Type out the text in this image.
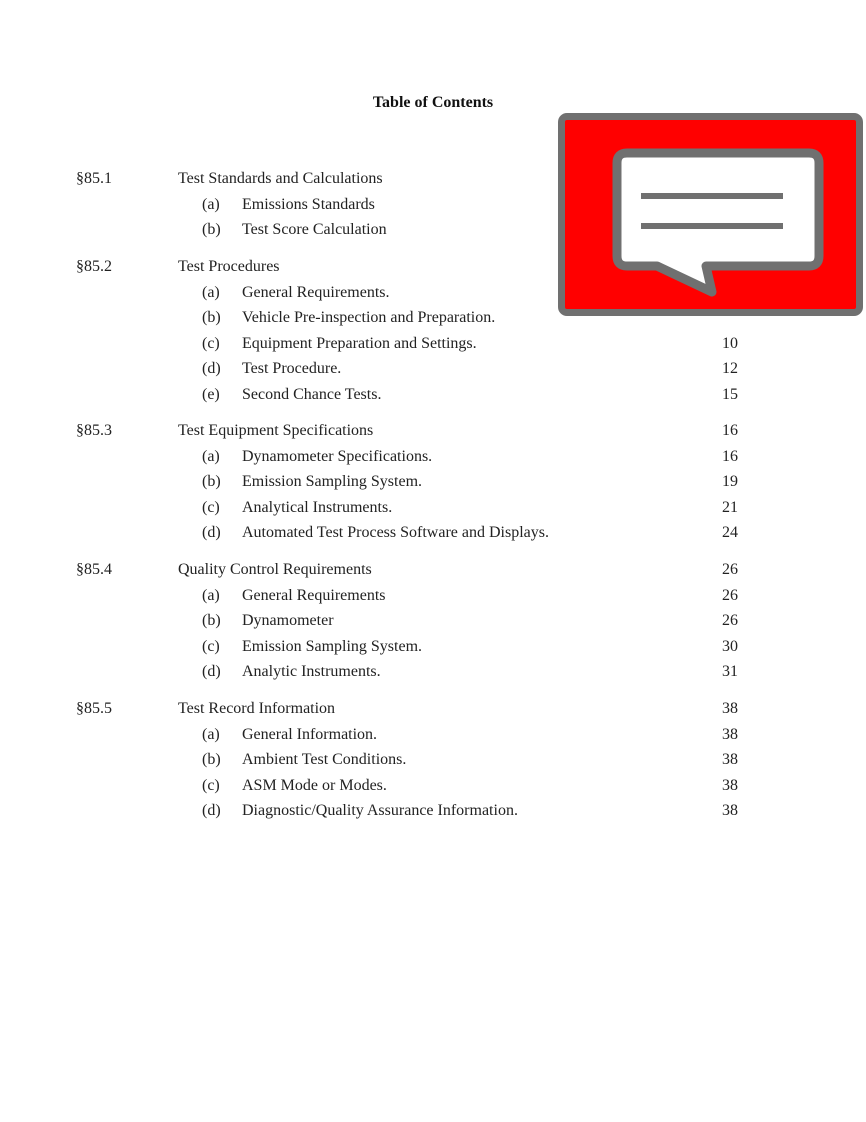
Table of Contents
§85.1	Test Standards and Calculations
(a) Emissions Standards
(b) Test Score Calculation
§85.2	Test Procedures
(a) General Requirements.
(b) Vehicle Pre-inspection and Preparation.
(c) Equipment Preparation and Settings.	10
(d) Test Procedure.	12
(e) Second Chance Tests.	15
§85.3	Test Equipment Specifications	16
(a) Dynamometer Specifications.	16
(b) Emission Sampling System.	19
(c) Analytical Instruments.	21
(d) Automated Test Process Software and Displays.	24
§85.4	Quality Control Requirements	26
(a) General Requirements	26
(b) Dynamometer	26
(c) Emission Sampling System.	30
(d) Analytic Instruments.	31
§85.5	Test Record Information	38
(a) General Information.	38
(b) Ambient Test Conditions.	38
(c) ASM Mode or Modes.	38
(d) Diagnostic/Quality Assurance Information.	38
